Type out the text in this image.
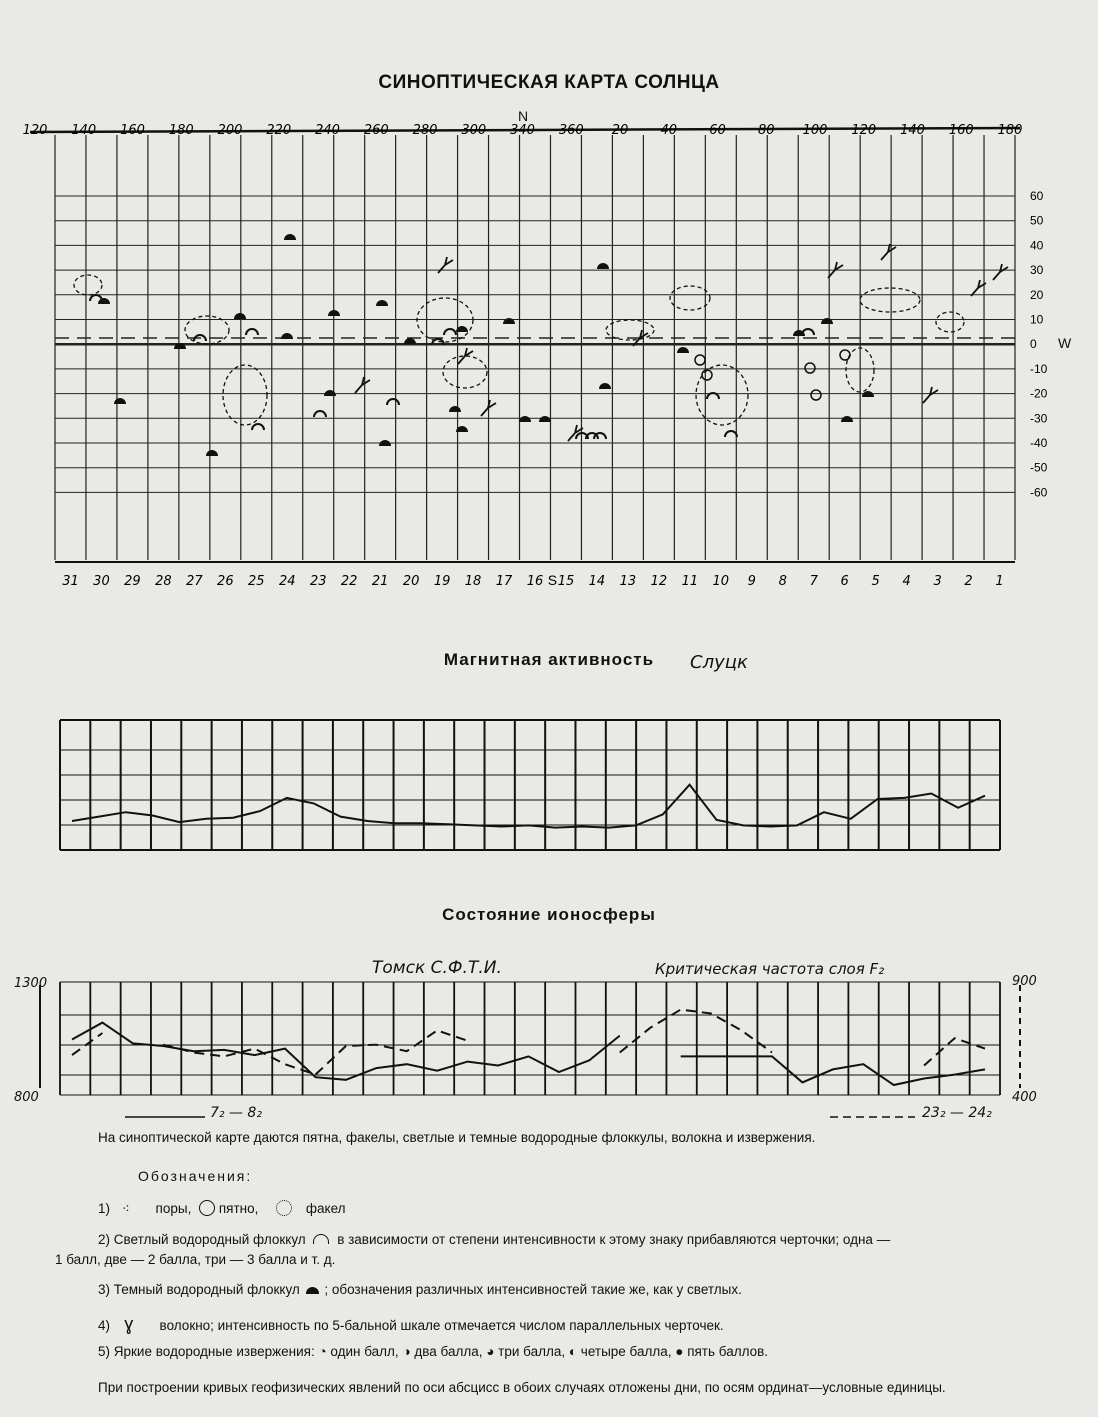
СИНОПТИЧЕСКАЯ КАРТА СОЛНЦА
N
120 140 160 180 200 220 240 260 280 300 340 360 20 40 60 80 100 120 140 160 180
60
50
40
30
20
10
0
-10
-20
-30
-40
-50
-60
31 30 29 28 27 26 25 24 23 22 21 20 19 18 17 16 15 14 13 12 11 10 9 8 7 6 5 4 3 2 1
S
W
Магнитная активность	Слуцк
Состояние ионосферы
Томск С.Ф.Т.И.	Критическая частота слоя F₂
1300
800
900
400
7₂ — 8₂	23₂ — 24₂
На синоптической карте даются пятна, факелы, светлые и темные водородные флоккулы, волокна и извержения.
Обозначения:
1) ⁖ поры, пятно,	факел
2) Светлый водородный флоккул в зависимости от степени интенсивности к этому знаку прибавляются черточки; одна —
1 балл, две — 2 балла, три — 3 балла и т. д.
3) Темный водородный флоккул ; обозначения различных интенсивностей такие же, как у светлых.
4) ɣ волокно; интенсивность по 5-бальной шкале отмечается числом параллельных черточек.
5) Яркие водородные извержения: ◔ один балл, ◑ два балла, ◕ три балла, ◐ четыре балла, ● пять баллов.
При построении кривых геофизических явлений по оси абсцисс в обоих случаях отложены дни, по осям ординат—условные единицы.
